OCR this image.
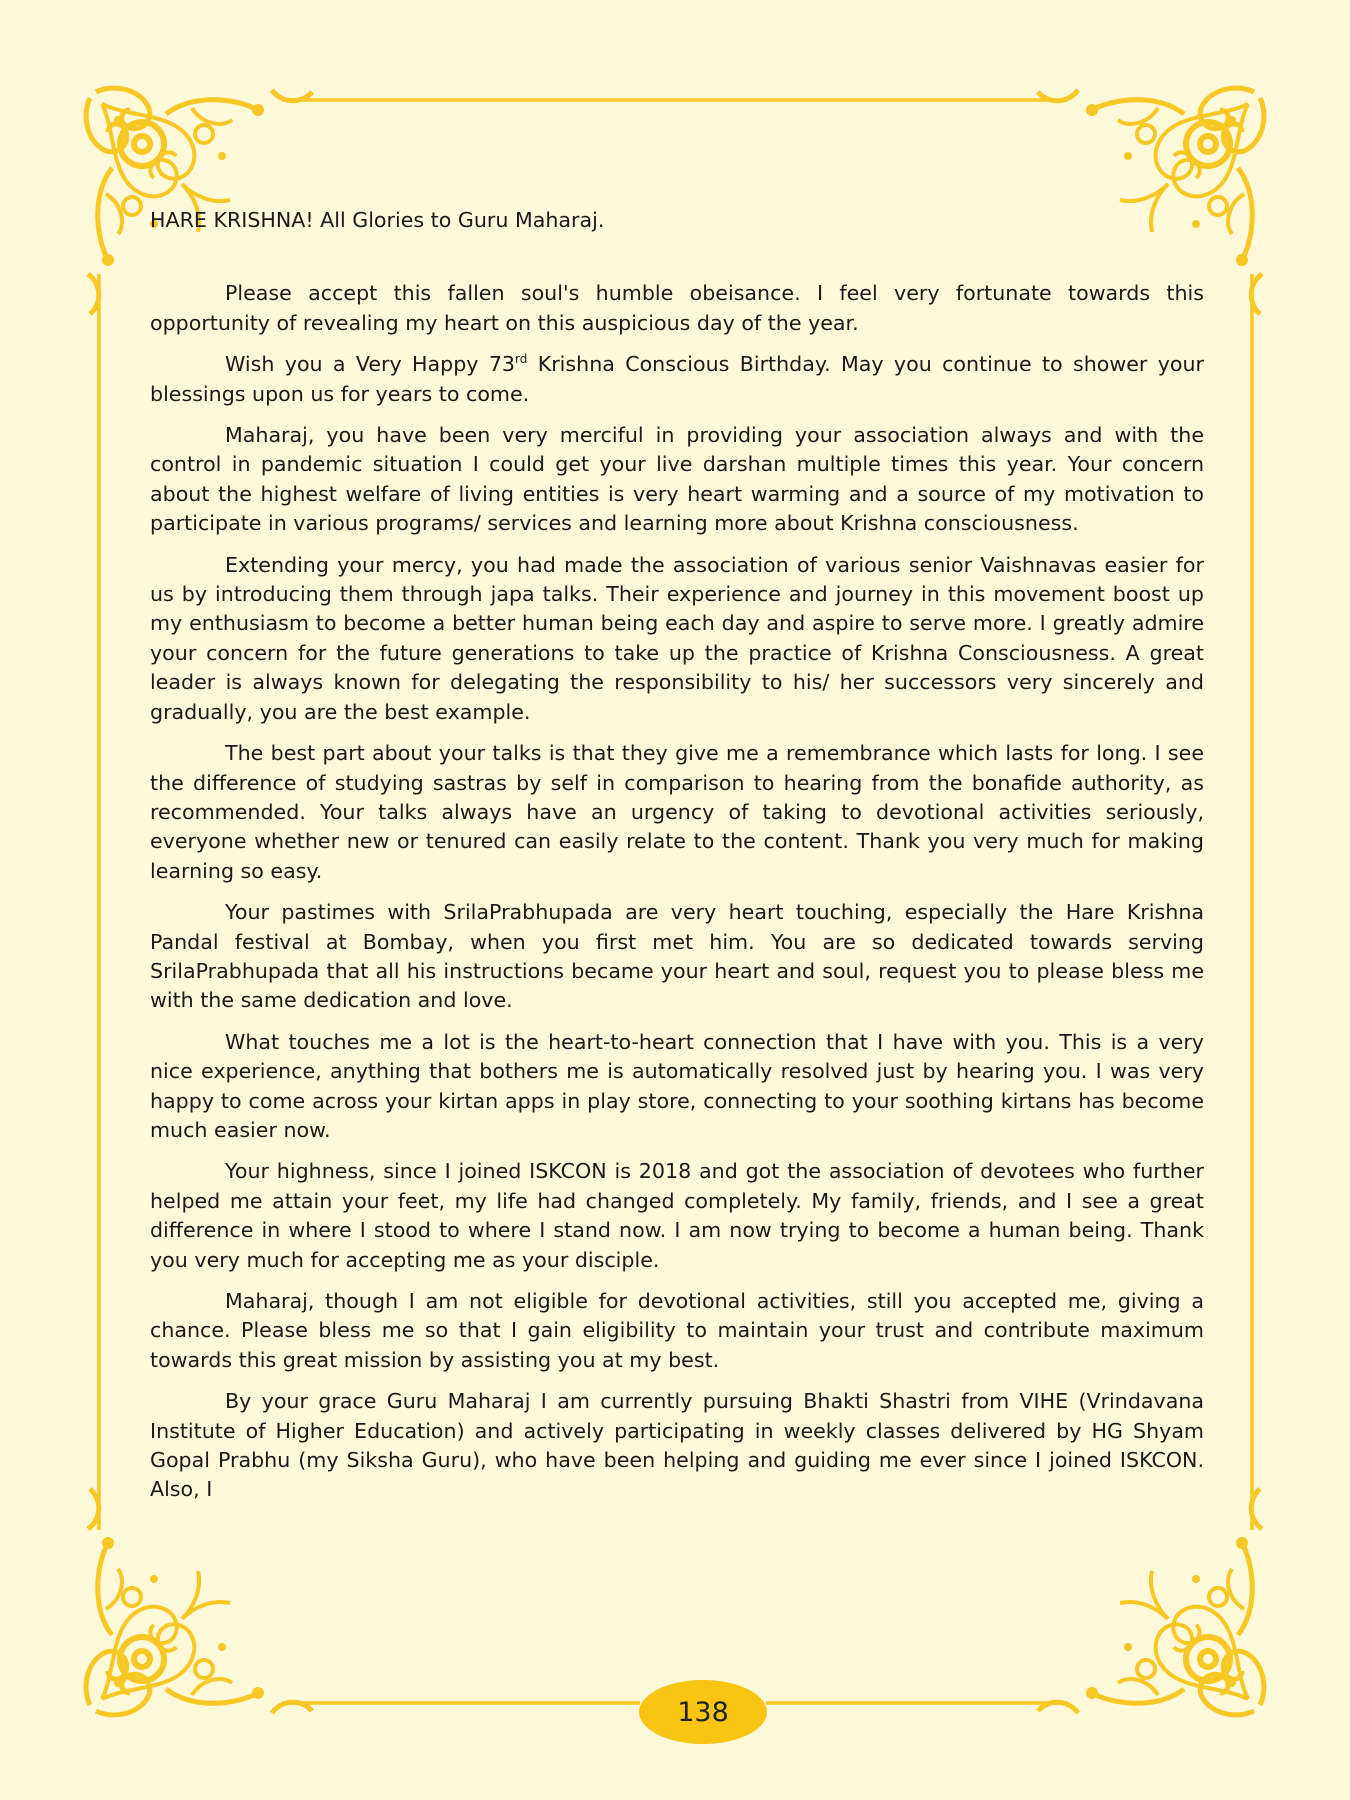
HARE KRISHNA! All Glories to Guru Maharaj.

Please accept this fallen soul's humble obeisance. I feel very fortunate towards this opportunity of revealing my heart on this auspicious day of the year.

Wish you a Very Happy 73rd Krishna Conscious Birthday. May you continue to shower your blessings upon us for years to come.

Maharaj, you have been very merciful in providing your association always and with the control in pandemic situation I could get your live darshan multiple times this year. Your concern about the highest welfare of living entities is very heart warming and a source of my motivation to participate in various programs/ services and learning more about Krishna consciousness.

Extending your mercy, you had made the association of various senior Vaishnavas easier for us by introducing them through japa talks. Their experience and journey in this movement boost up my enthusiasm to become a better human being each day and aspire to serve more. I greatly admire your concern for the future generations to take up the practice of Krishna Consciousness. A great leader is always known for delegating the responsibility to his/ her successors very sincerely and gradually, you are the best example.

The best part about your talks is that they give me a remembrance which lasts for long. I see the difference of studying sastras by self in comparison to hearing from the bonafide authority, as recommended. Your talks always have an urgency of taking to devotional activities seriously, everyone whether new or tenured can easily relate to the content. Thank you very much for making learning so easy.

Your pastimes with SrilaPrabhupada are very heart touching, especially the Hare Krishna Pandal festival at Bombay, when you first met him. You are so dedicated towards serving SrilaPrabhupada that all his instructions became your heart and soul, request you to please bless me with the same dedication and love.

What touches me a lot is the heart-to-heart connection that I have with you. This is a very nice experience, anything that bothers me is automatically resolved just by hearing you. I was very happy to come across your kirtan apps in play store, connecting to your soothing kirtans has become much easier now.

Your highness, since I joined ISKCON is 2018 and got the association of devotees who further helped me attain your feet, my life had changed completely. My family, friends, and I see a great difference in where I stood to where I stand now. I am now trying to become a human being. Thank you very much for accepting me as your disciple.

Maharaj, though I am not eligible for devotional activities, still you accepted me, giving a chance. Please bless me so that I gain eligibility to maintain your trust and contribute maximum towards this great mission by assisting you at my best.

By your grace Guru Maharaj I am currently pursuing Bhakti Shastri from VIHE (Vrindavana Institute of Higher Education) and actively participating in weekly classes delivered by HG Shyam Gopal Prabhu (my Siksha Guru), who have been helping and guiding me ever since I joined ISKCON. Also, I

138
